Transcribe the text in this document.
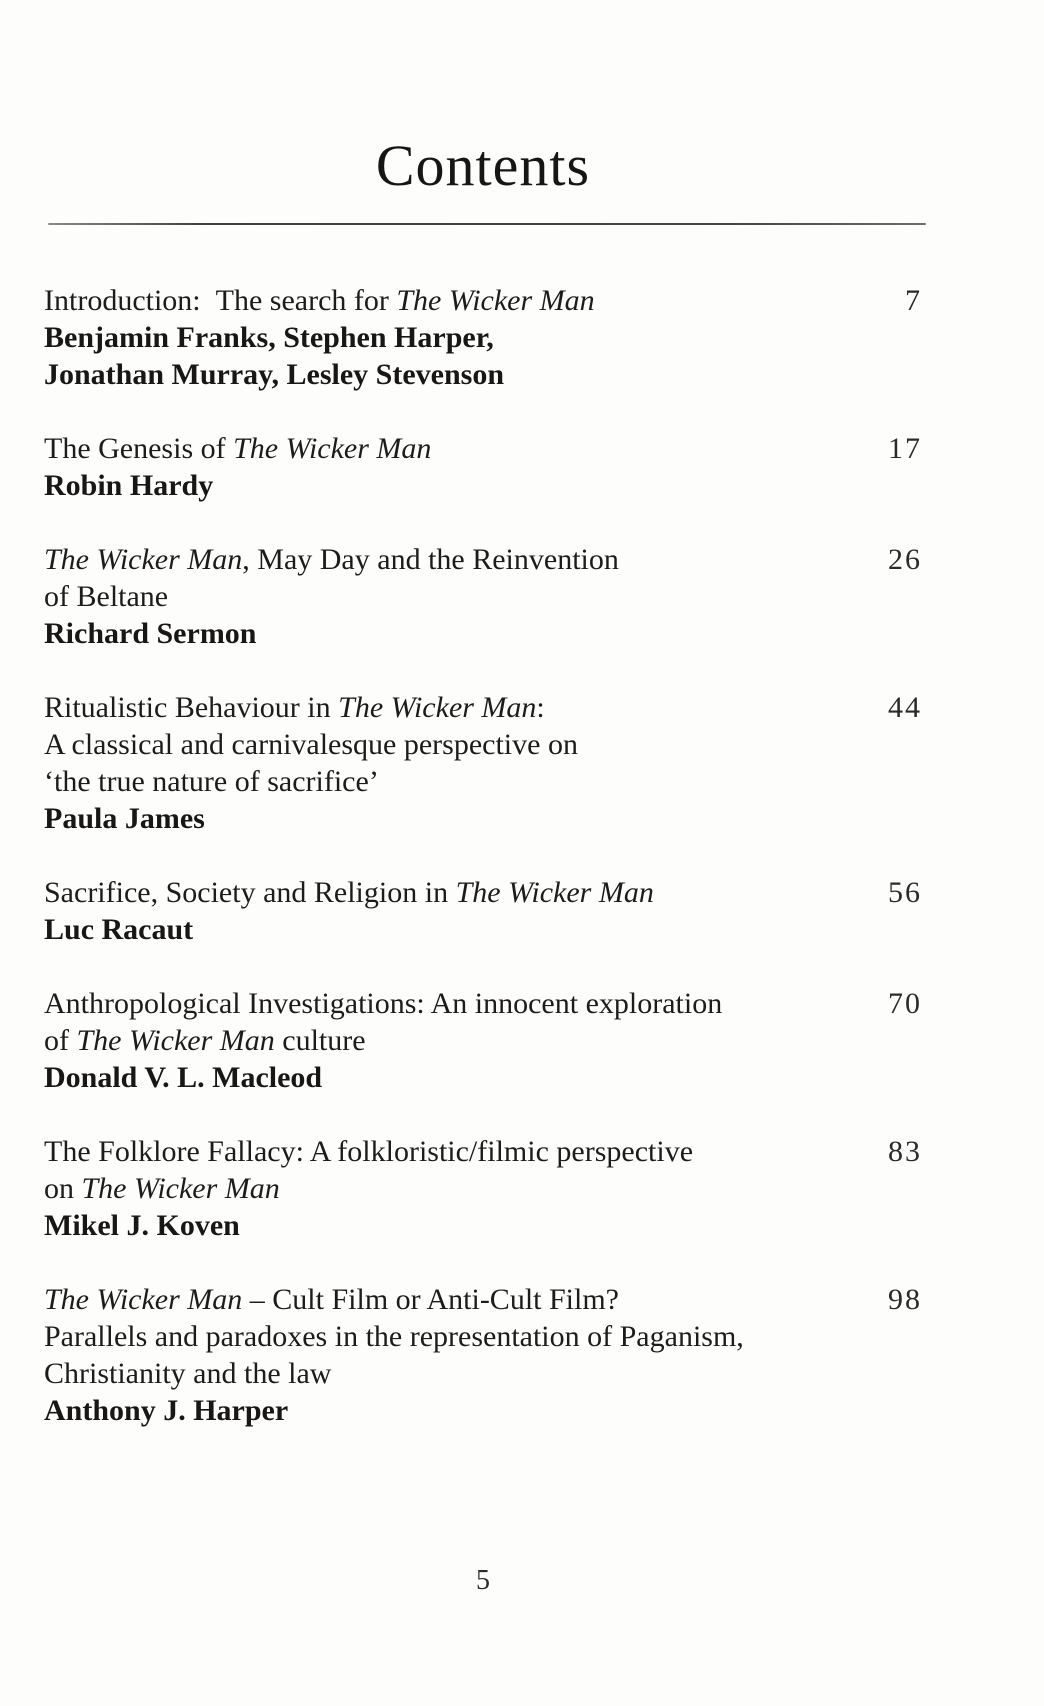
Contents
Introduction: The search for The Wicker Man
Benjamin Franks, Stephen Harper,
Jonathan Murray, Lesley Stevenson
7
The Genesis of The Wicker Man
Robin Hardy
17
The Wicker Man, May Day and the Reinvention
of Beltane
Richard Sermon
26
Ritualistic Behaviour in The Wicker Man:
A classical and carnivalesque perspective on
‘the true nature of sacrifice’
Paula James
44
Sacrifice, Society and Religion in The Wicker Man
Luc Racaut
56
Anthropological Investigations: An innocent exploration
of The Wicker Man culture
Donald V. L. Macleod
70
The Folklore Fallacy: A folkloristic/filmic perspective
on The Wicker Man
Mikel J. Koven
83
The Wicker Man – Cult Film or Anti-Cult Film?
Parallels and paradoxes in the representation of Paganism,
Christianity and the law
Anthony J. Harper
98
5
